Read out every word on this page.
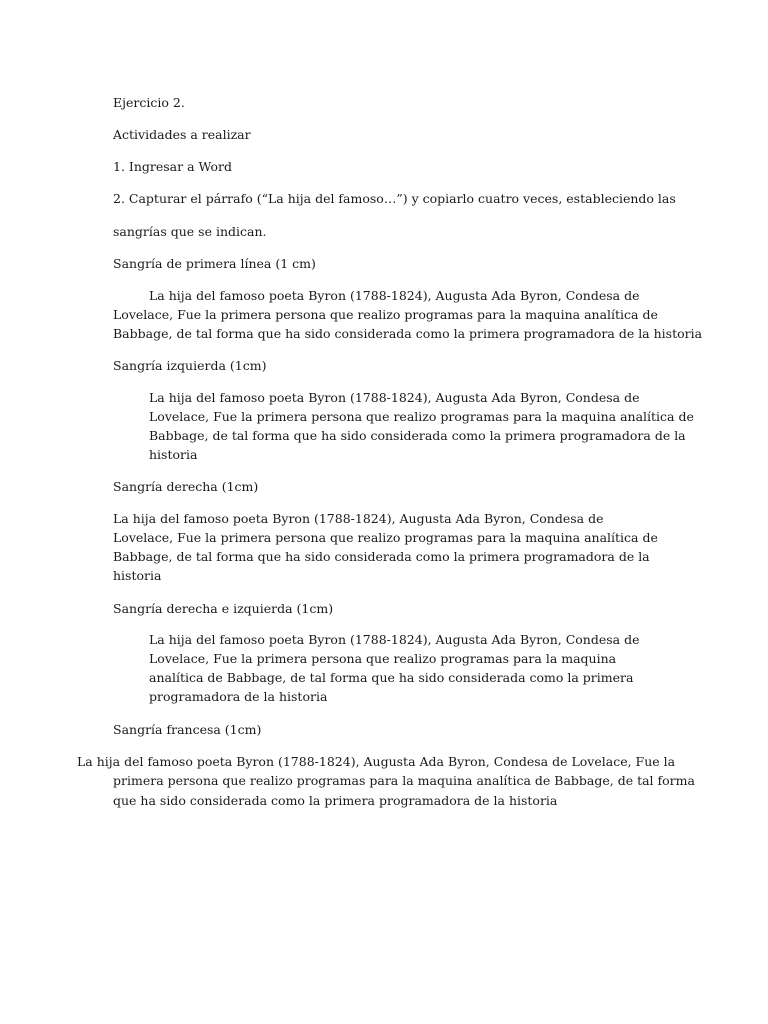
Ejercicio 2.
Actividades a realizar
1. Ingresar a Word
2. Capturar el párrafo (“La hija del famoso…”) y copiarlo cuatro veces, estableciendo las
sangrías que se indican.
Sangría de primera línea (1 cm)
La hija del famoso poeta Byron (1788-1824), Augusta Ada Byron, Condesa de
Lovelace, Fue la primera persona que realizo programas para la maquina analítica de
Babbage, de tal forma que ha sido considerada como la primera programadora de la historia
Sangría izquierda (1cm)
La hija del famoso poeta Byron (1788-1824), Augusta Ada Byron, Condesa de
Lovelace, Fue la primera persona que realizo programas para la maquina analítica de
Babbage, de tal forma que ha sido considerada como la primera programadora de la
historia
Sangría derecha (1cm)
La hija del famoso poeta Byron (1788-1824), Augusta Ada Byron, Condesa de
Lovelace, Fue la primera persona que realizo programas para la maquina analítica de
Babbage, de tal forma que ha sido considerada como la primera programadora de la
historia
Sangría derecha e izquierda (1cm)
La hija del famoso poeta Byron (1788-1824), Augusta Ada Byron, Condesa de
Lovelace, Fue la primera persona que realizo programas para la maquina
analítica de Babbage, de tal forma que ha sido considerada como la primera
programadora de la historia
Sangría francesa (1cm)
La hija del famoso poeta Byron (1788-1824), Augusta Ada Byron, Condesa de Lovelace, Fue la
primera persona que realizo programas para la maquina analítica de Babbage, de tal forma
que ha sido considerada como la primera programadora de la historia
